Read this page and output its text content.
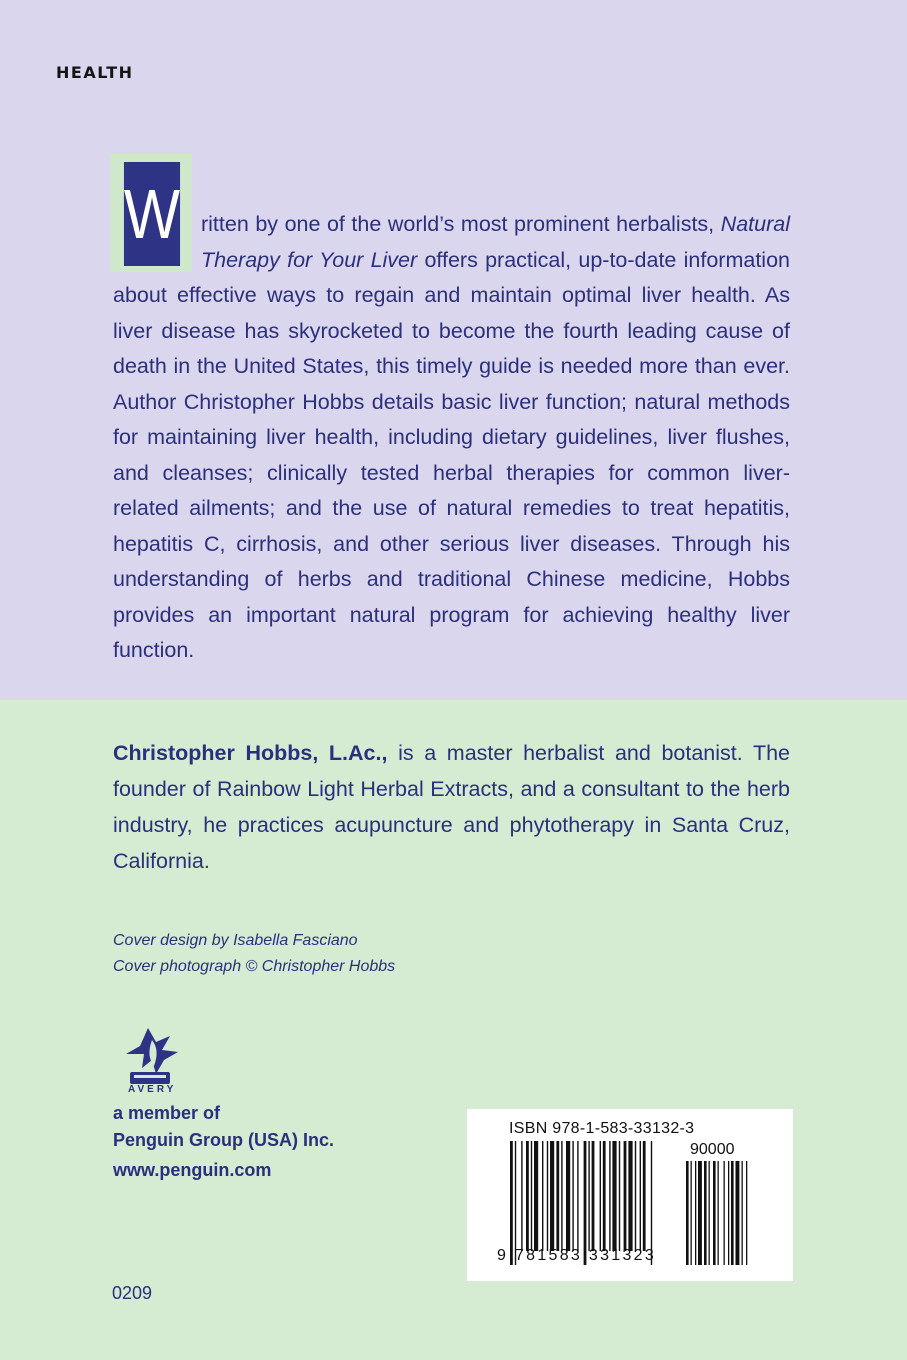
HEALTH
W ritten by one of the world’s most prominent herbalists, Natural Therapy for Your Liver offers practical, up-to-date information about effective ways to regain and maintain optimal liver health. As liver disease has skyrocketed to become the fourth leading cause of death in the United States, this timely guide is needed more than ever. Author Christopher Hobbs details basic liver function; natural methods for maintaining liver health, including dietary guidelines, liver flushes, and cleanses; clinically tested herbal therapies for common liver-related ailments; and the use of natural remedies to treat hepatitis, hepatitis C, cirrhosis, and other serious liver diseases. Through his understanding of herbs and traditional Chinese medicine, Hobbs provides an important natural program for achieving healthy liver function.

Christopher Hobbs, L.Ac., is a master herbalist and botanist. The founder of Rainbow Light Herbal Extracts, and a consultant to the herb industry, he practices acupuncture and phytotherapy in Santa Cruz, California.

Cover design by Isabella Fasciano
Cover photograph © Christopher Hobbs
AVERY
a member of
Penguin Group (USA) Inc.
www.penguin.com
0209
ISBN 978-1-583-33132-3
90000
9 781583 331323
